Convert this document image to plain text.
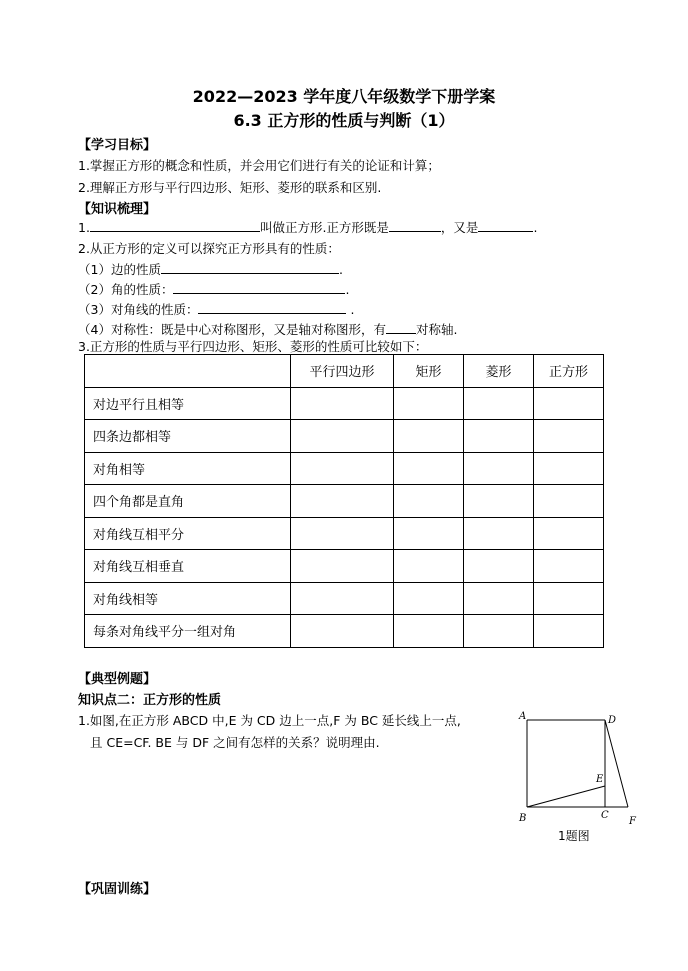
2022—2023 学年度八年级数学下册学案
6.3 正方形的性质与判断（1）
【学习目标】
1.掌握正方形的概念和性质，并会用它们进行有关的论证和计算；
2.理解正方形与平行四边形、矩形、菱形的联系和区别.
【知识梳理】
1.	叫做正方形.正方形既是	，又是	.
2.从正方形的定义可以探究正方形具有的性质：
（1）边的性质	.
（2）角的性质：	.
（3）对角线的性质：	.
（4）对称性：既是中心对称图形，又是轴对称图形，有 对称轴.
3.正方形的性质与平行四边形、矩形、菱形的性质可比较如下：
	平行四边形	矩形	菱形	正方形
对边平行且相等				
四条边都相等				
对角相等				
四个角都是直角				
对角线互相平分				
对角线互相垂直				
对角线相等				
每条对角线平分一组对角				
【典型例题】
知识点二：正方形的性质
1.如图,在正方形 ABCD 中,E 为 CD 边上一点,F 为 BC 延长线上一点,
且 CE=CF. BE 与 DF 之间有怎样的关系？说明理由.
A	D
E
B	C
F
1题图
【巩固训练】
